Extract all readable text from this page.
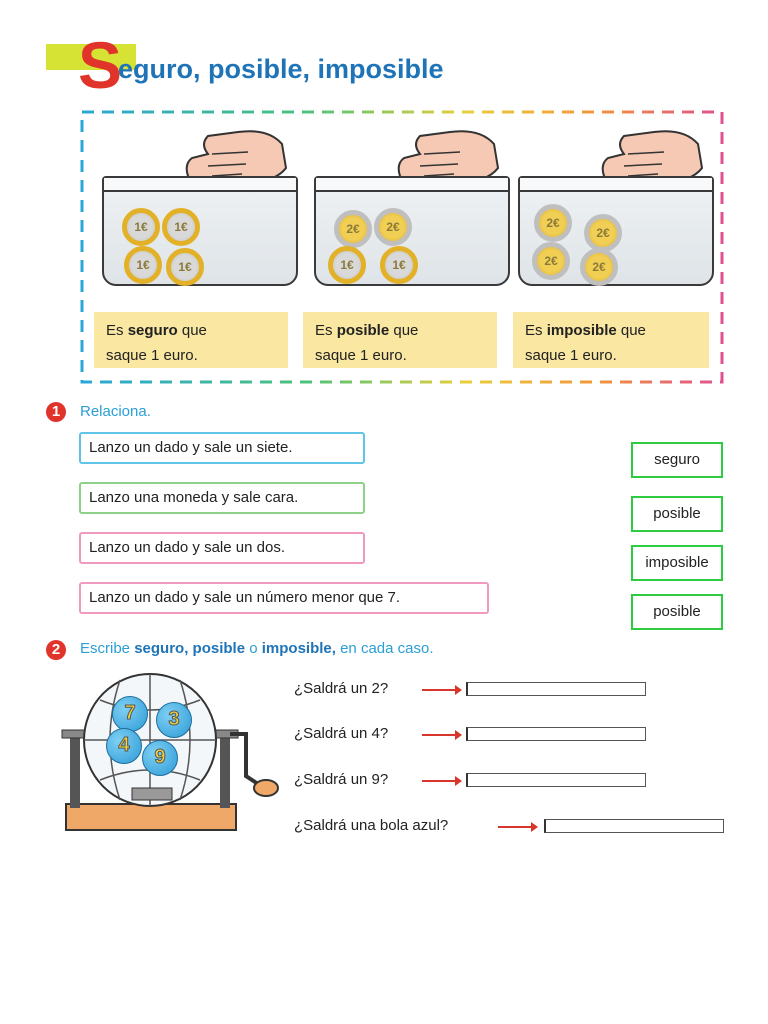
S
eguro, posible, imposible
1€	1€
1€	1€
2€	2€
1€	1€
2€
2€
2€	2€
Es seguro que
saque 1 euro.
Es posible que
saque 1 euro.
Es imposible que
saque 1 euro.
1	Relaciona.
Lanzo un dado y sale un siete.
Lanzo una moneda y sale cara.
Lanzo un dado y sale un dos.
Lanzo un dado y sale un número menor que 7.
seguro
posible
imposible
posible
2	Escribe seguro, posible o imposible, en cada caso.
7	3
4
9
¿Saldrá un 2?
¿Saldrá un 4?
¿Saldrá un 9?
¿Saldrá una bola azul?
